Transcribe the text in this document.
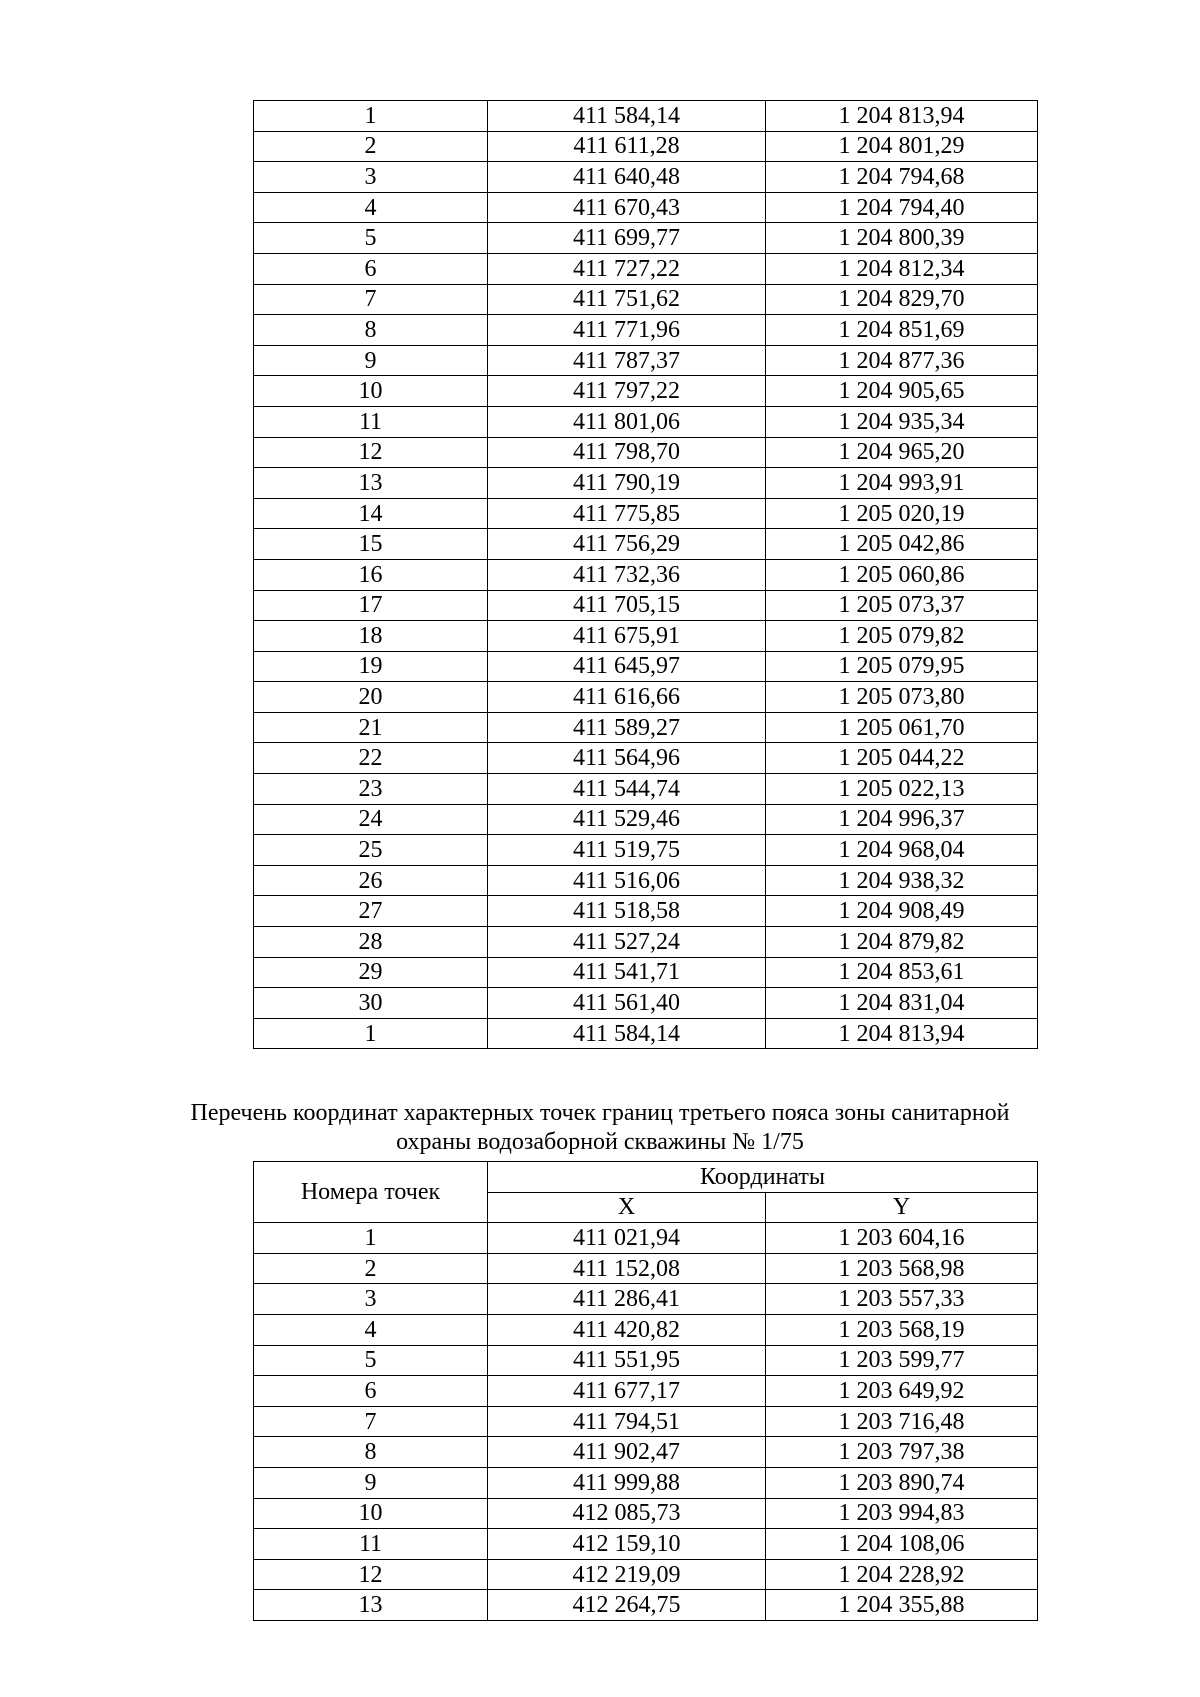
1	411 584,14	1 204 813,94
2	411 611,28	1 204 801,29
3	411 640,48	1 204 794,68
4	411 670,43	1 204 794,40
5	411 699,77	1 204 800,39
6	411 727,22	1 204 812,34
7	411 751,62	1 204 829,70
8	411 771,96	1 204 851,69
9	411 787,37	1 204 877,36
10	411 797,22	1 204 905,65
11	411 801,06	1 204 935,34
12	411 798,70	1 204 965,20
13	411 790,19	1 204 993,91
14	411 775,85	1 205 020,19
15	411 756,29	1 205 042,86
16	411 732,36	1 205 060,86
17	411 705,15	1 205 073,37
18	411 675,91	1 205 079,82
19	411 645,97	1 205 079,95
20	411 616,66	1 205 073,80
21	411 589,27	1 205 061,70
22	411 564,96	1 205 044,22
23	411 544,74	1 205 022,13
24	411 529,46	1 204 996,37
25	411 519,75	1 204 968,04
26	411 516,06	1 204 938,32
27	411 518,58	1 204 908,49
28	411 527,24	1 204 879,82
29	411 541,71	1 204 853,61
30	411 561,40	1 204 831,04
1	411 584,14	1 204 813,94
Перечень координат характерных точек границ третьего пояса зоны санитарной
охраны водозаборной скважины № 1/75
Номера точек	Координаты	
	X	Y
1	411 021,94	1 203 604,16
2	411 152,08	1 203 568,98
3	411 286,41	1 203 557,33
4	411 420,82	1 203 568,19
5	411 551,95	1 203 599,77
6	411 677,17	1 203 649,92
7	411 794,51	1 203 716,48
8	411 902,47	1 203 797,38
9	411 999,88	1 203 890,74
10	412 085,73	1 203 994,83
11	412 159,10	1 204 108,06
12	412 219,09	1 204 228,92
13	412 264,75	1 204 355,88
